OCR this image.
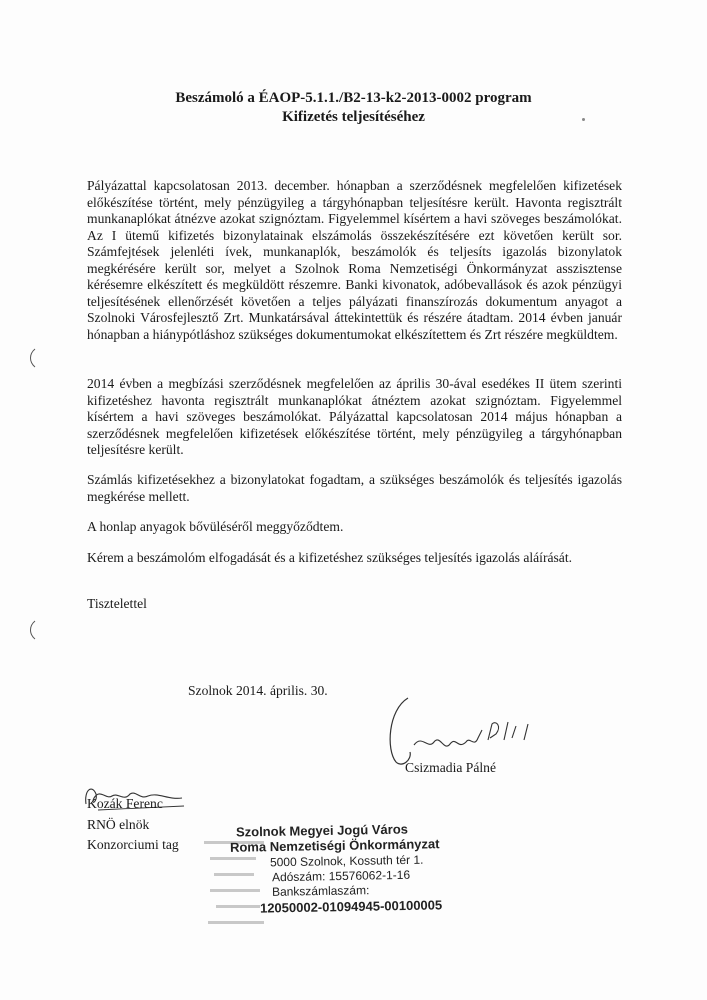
Beszámoló a ÉAOP-5.1.1./B2-13-k2-2013-0002 program
Kifizetés teljesítéséhez
Pályázattal kapcsolatosan 2013. december. hónapban a szerződésnek megfelelően kifizetések előkészítése történt, mely pénzügyileg a tárgyhónapban teljesítésre került. Havonta regisztrált munkanaplókat átnézve azokat szignóztam. Figyelemmel kísértem a havi szöveges beszámolókat. Az I ütemű kifizetés bizonylatainak elszámolás összekészítésére ezt követően került sor. Számfejtések jelenléti ívek, munkanaplók, beszámolók és teljesíts igazolás bizonylatok megkérésére került sor, melyet a Szolnok Roma Nemzetiségi Önkormányzat asszisztense kérésemre elkészített és megküldött részemre. Banki kivonatok, adóbevallások és azok pénzügyi teljesítésének ellenőrzését követően a teljes pályázati finanszírozás dokumentum anyagot a Szolnoki Városfejlesztő Zrt. Munkatársával áttekintettük és részére átadtam. 2014 évben január hónapban a hiánypótláshoz szükséges dokumentumokat elkészítettem és Zrt részére megküldtem.
2014 évben a megbízási szerződésnek megfelelően az április 30-ával esedékes II ütem szerinti kifizetéshez havonta regisztrált munkanaplókat átnéztem azokat szignóztam. Figyelemmel kísértem a havi szöveges beszámolókat. Pályázattal kapcsolatosan 2014 május hónapban a szerződésnek megfelelően kifizetések előkészítése történt, mely pénzügyileg a tárgyhónapban teljesítésre került.
Számlás kifizetésekhez a bizonylatokat fogadtam, a szükséges beszámolók és teljesítés igazolás megkérése mellett.
A honlap anyagok bővüléséről meggyőződtem.
Kérem a beszámolóm elfogadását és a kifizetéshez szükséges teljesítés igazolás aláírását.
Tisztelettel
Szolnok 2014. április. 30.
Csizmadia Pálné
Kozák Ferenc
RNÖ elnök
Konzorciumi tag
Szolnok Megyei Jogú Város
Roma Nemzetiségi Önkormányzat
5000 Szolnok, Kossuth tér 1.
Adószám: 15576062-1-16
Bankszámlaszám:
12050002-01094945-00100005
